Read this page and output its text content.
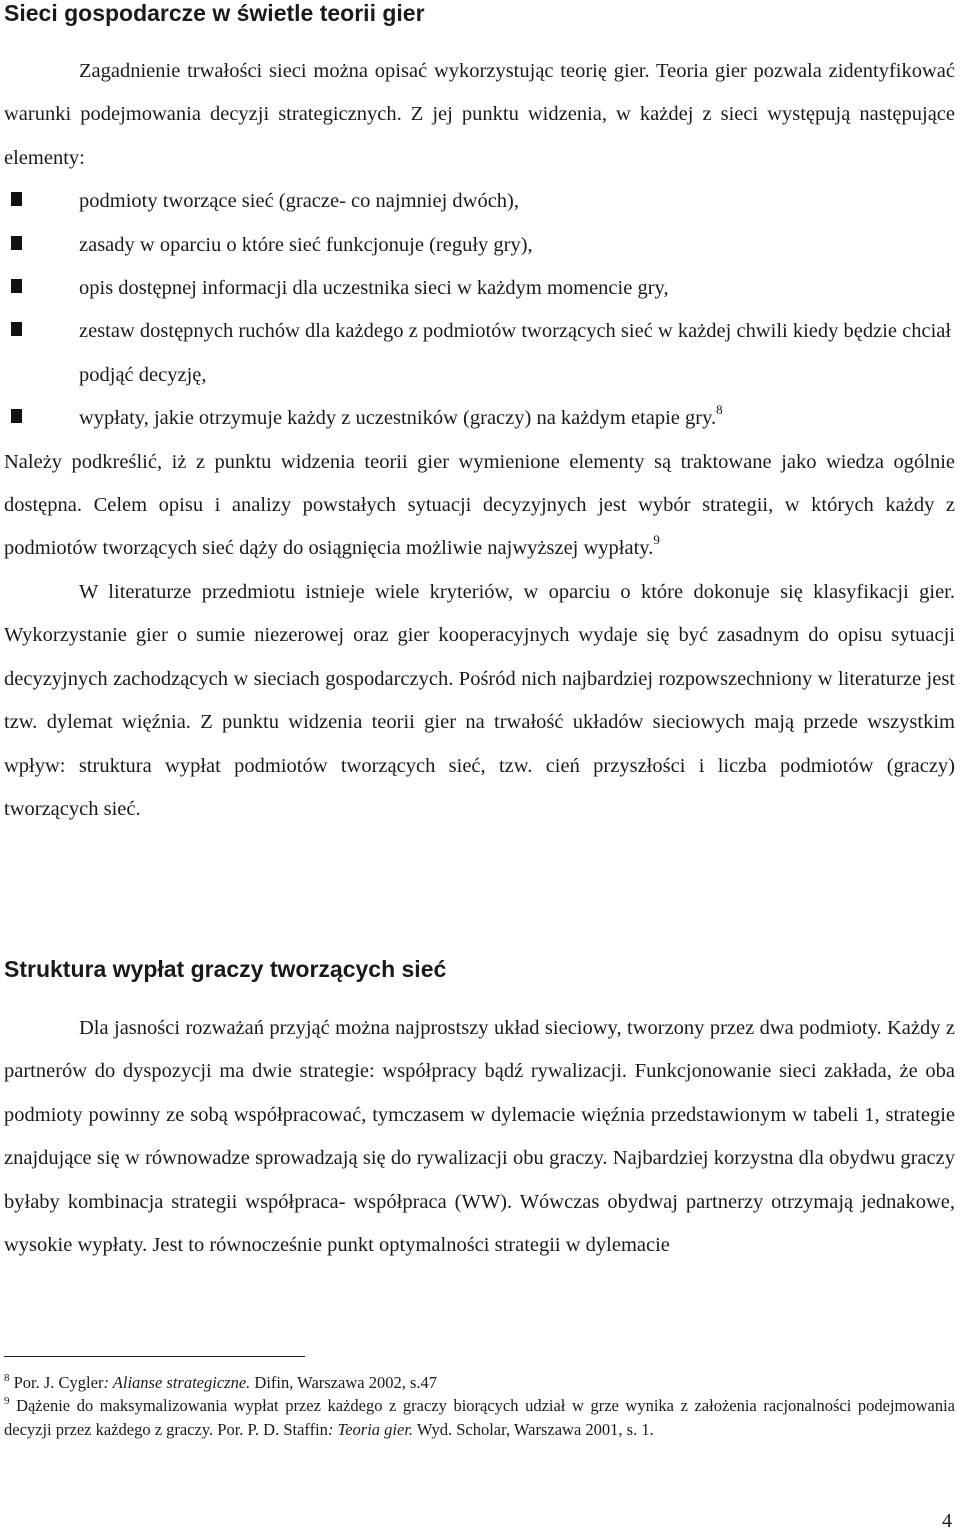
Sieci gospodarcze w świetle teorii gier

Zagadnienie trwałości sieci można opisać wykorzystując teorię gier. Teoria gier pozwala zidentyfikować warunki podejmowania decyzji strategicznych. Z jej punktu widzenia, w każdej z sieci występują następujące elementy:

podmioty tworzące sieć (gracze- co najmniej dwóch),
zasady w oparciu o które sieć funkcjonuje (reguły gry),
opis dostępnej informacji dla uczestnika sieci w każdym momencie gry,
zestaw dostępnych ruchów dla każdego z podmiotów tworzących sieć w każdej chwili kiedy będzie chciał podjąć decyzję,
wypłaty, jakie otrzymuje każdy z uczestników (graczy) na każdym etapie gry.$^8$

Należy podkreślić, iż z punktu widzenia teorii gier wymienione elementy są traktowane jako wiedza ogólnie dostępna. Celem opisu i analizy powstałych sytuacji decyzyjnych jest wybór strategii, w których każdy z podmiotów tworzących sieć dąży do osiągnięcia możliwie najwyższej wypłaty.$^9$

W literaturze przedmiotu istnieje wiele kryteriów, w oparciu o które dokonuje się klasyfikacji gier. Wykorzystanie gier o sumie niezerowej oraz gier kooperacyjnych wydaje się być zasadnym do opisu sytuacji decyzyjnych zachodzących w sieciach gospodarczych. Pośród nich najbardziej rozpowszechniony w literaturze jest tzw. dylemat więźnia. Z punktu widzenia teorii gier na trwałość układów sieciowych mają przede wszystkim wpływ: struktura wypłat podmiotów tworzących sieć, tzw. cień przyszłości i liczba podmiotów (graczy) tworzących sieć.

Struktura wypłat graczy tworzących sieć

Dla jasności rozważań przyjąć można najprostszy układ sieciowy, tworzony przez dwa podmioty. Każdy z partnerów do dyspozycji ma dwie strategie: współpracy bądź rywalizacji. Funkcjonowanie sieci zakłada, że oba podmioty powinny ze sobą współpracować, tymczasem w dylemacie więźnia przedstawionym w tabeli 1, strategie znajdujące się w równowadze sprowadzają się do rywalizacji obu graczy. Najbardziej korzystna dla obydwu graczy byłaby kombinacja strategii współpraca- współpraca (WW). Wówczas obydwaj partnerzy otrzymają jednakowe, wysokie wypłaty. Jest to równocześnie punkt optymalności strategii w dylemacie

$^8$ Por. J. Cygler: Alianse strategiczne. Difin, Warszawa 2002, s.47

$^9$ Dążenie do maksymalizowania wypłat przez każdego z graczy biorących udział w grze wynika z założenia racjonalności podejmowania decyzji przez każdego z graczy. Por. P. D. Staffin: Teoria gier. Wyd. Scholar, Warszawa 2001, s. 1.

4
